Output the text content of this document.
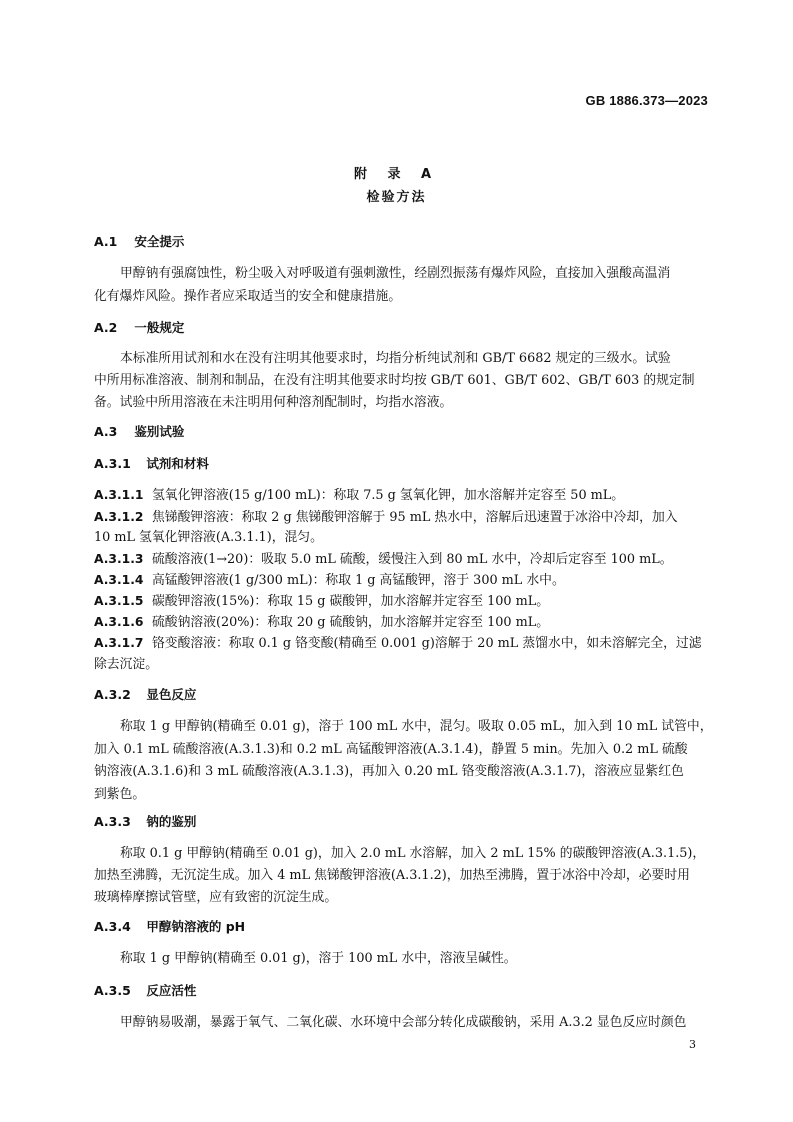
GB 1886.373—2023
附 录 A
检验方法
A.1 安全提示
甲醇钠有强腐蚀性，粉尘吸入对呼吸道有强刺激性，经剧烈振荡有爆炸风险，直接加入强酸高温消
化有爆炸风险。操作者应采取适当的安全和健康措施。
A.2 一般规定
本标准所用试剂和水在没有注明其他要求时，均指分析纯试剂和 GB/T 6682 规定的三级水。试验
中所用标准溶液、制剂和制品，在没有注明其他要求时均按 GB/T 601、GB/T 602、GB/T 603 的规定制
备。试验中所用溶液在未注明用何种溶剂配制时，均指水溶液。
A.3 鉴别试验
A.3.1 试剂和材料
A.3.1.1 氢氧化钾溶液(15 g/100 mL)：称取 7.5 g 氢氧化钾，加水溶解并定容至 50 mL。
A.3.1.2 焦锑酸钾溶液：称取 2 g 焦锑酸钾溶解于 95 mL 热水中，溶解后迅速置于冰浴中冷却，加入
10 mL 氢氧化钾溶液(A.3.1.1)，混匀。
A.3.1.3 硫酸溶液(1→20)：吸取 5.0 mL 硫酸，缓慢注入到 80 mL 水中，冷却后定容至 100 mL。
A.3.1.4 高锰酸钾溶液(1 g/300 mL)：称取 1 g 高锰酸钾，溶于 300 mL 水中。
A.3.1.5 碳酸钾溶液(15%)：称取 15 g 碳酸钾，加水溶解并定容至 100 mL。
A.3.1.6 硫酸钠溶液(20%)：称取 20 g 硫酸钠，加水溶解并定容至 100 mL。
A.3.1.7 铬变酸溶液：称取 0.1 g 铬变酸(精确至 0.001 g)溶解于 20 mL 蒸馏水中，如未溶解完全，过滤
除去沉淀。
A.3.2 显色反应
称取 1 g 甲醇钠(精确至 0.01 g)，溶于 100 mL 水中，混匀。吸取 0.05 mL，加入到 10 mL 试管中，
加入 0.1 mL 硫酸溶液(A.3.1.3)和 0.2 mL 高锰酸钾溶液(A.3.1.4)，静置 5 min。先加入 0.2 mL 硫酸
钠溶液(A.3.1.6)和 3 mL 硫酸溶液(A.3.1.3)，再加入 0.20 mL 铬变酸溶液(A.3.1.7)，溶液应显紫红色
到紫色。
A.3.3 钠的鉴别
称取 0.1 g 甲醇钠(精确至 0.01 g)，加入 2.0 mL 水溶解，加入 2 mL 15% 的碳酸钾溶液(A.3.1.5)，
加热至沸腾，无沉淀生成。加入 4 mL 焦锑酸钾溶液(A.3.1.2)，加热至沸腾，置于冰浴中冷却，必要时用
玻璃棒摩擦试管壁，应有致密的沉淀生成。
A.3.4 甲醇钠溶液的 pH
称取 1 g 甲醇钠(精确至 0.01 g)，溶于 100 mL 水中，溶液呈碱性。
A.3.5 反应活性
甲醇钠易吸潮，暴露于氧气、二氧化碳、水环境中会部分转化成碳酸钠，采用 A.3.2 显色反应时颜色
3
